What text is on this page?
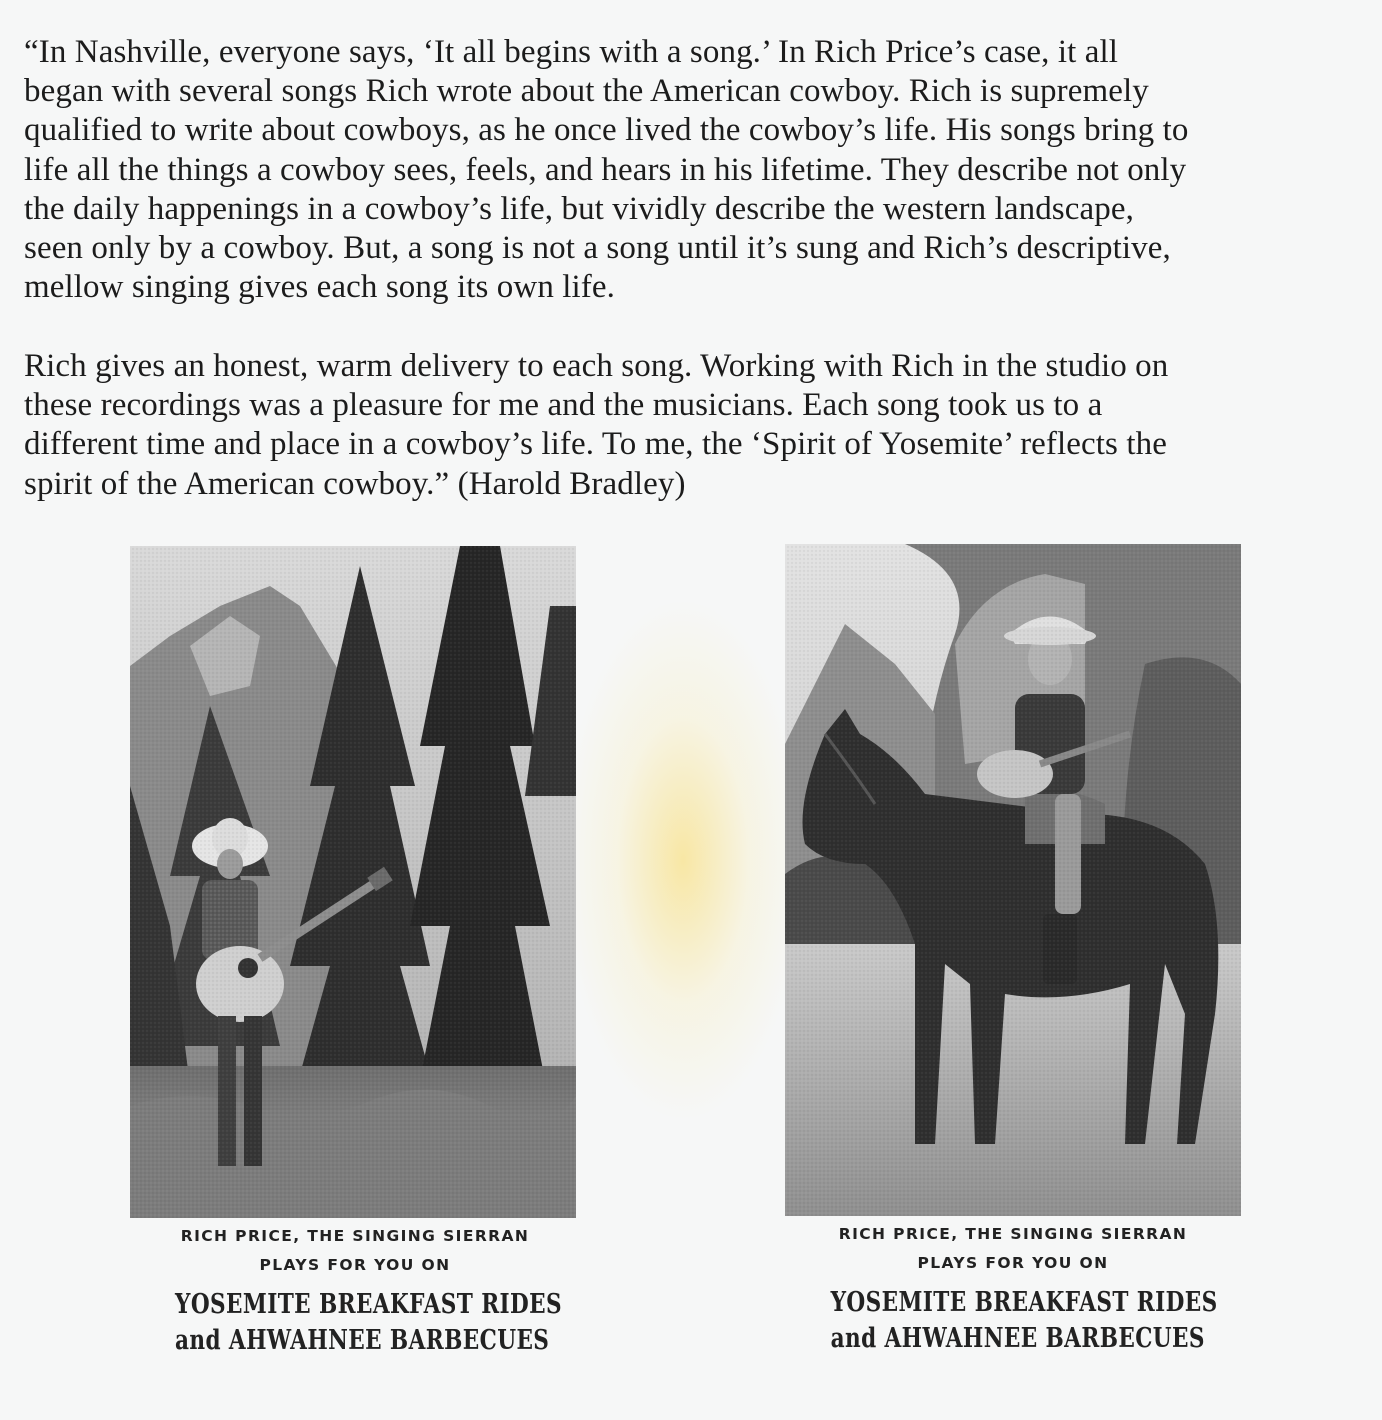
“In Nashville, everyone says, ‘It all begins with a song.’ In Rich Price’s case, it all
began with several songs Rich wrote about the American cowboy. Rich is supremely
qualified to write about cowboys, as he once lived the cowboy’s life. His songs bring to
life all the things a cowboy sees, feels, and hears in his lifetime. They describe not only
the daily happenings in a cowboy’s life, but vividly describe the western landscape,
seen only by a cowboy. But, a song is not a song until it’s sung and Rich’s descriptive,
mellow singing gives each song its own life.

Rich gives an honest, warm delivery to each song. Working with Rich in the studio on
these recordings was a pleasure for me and the musicians. Each song took us to a
different time and place in a cowboy’s life. To me, the ‘Spirit of Yosemite’ reflects the
spirit of the American cowboy.” (Harold Bradley)

RICH PRICE, THE SINGING SIERRAN
PLAYS FOR YOU ON
YOSEMITE BREAKFAST RIDES
and AHWAHNEE BARBECUES
RICH PRICE, THE SINGING SIERRAN
PLAYS FOR YOU ON
YOSEMITE BREAKFAST RIDES
and AHWAHNEE BARBECUES
